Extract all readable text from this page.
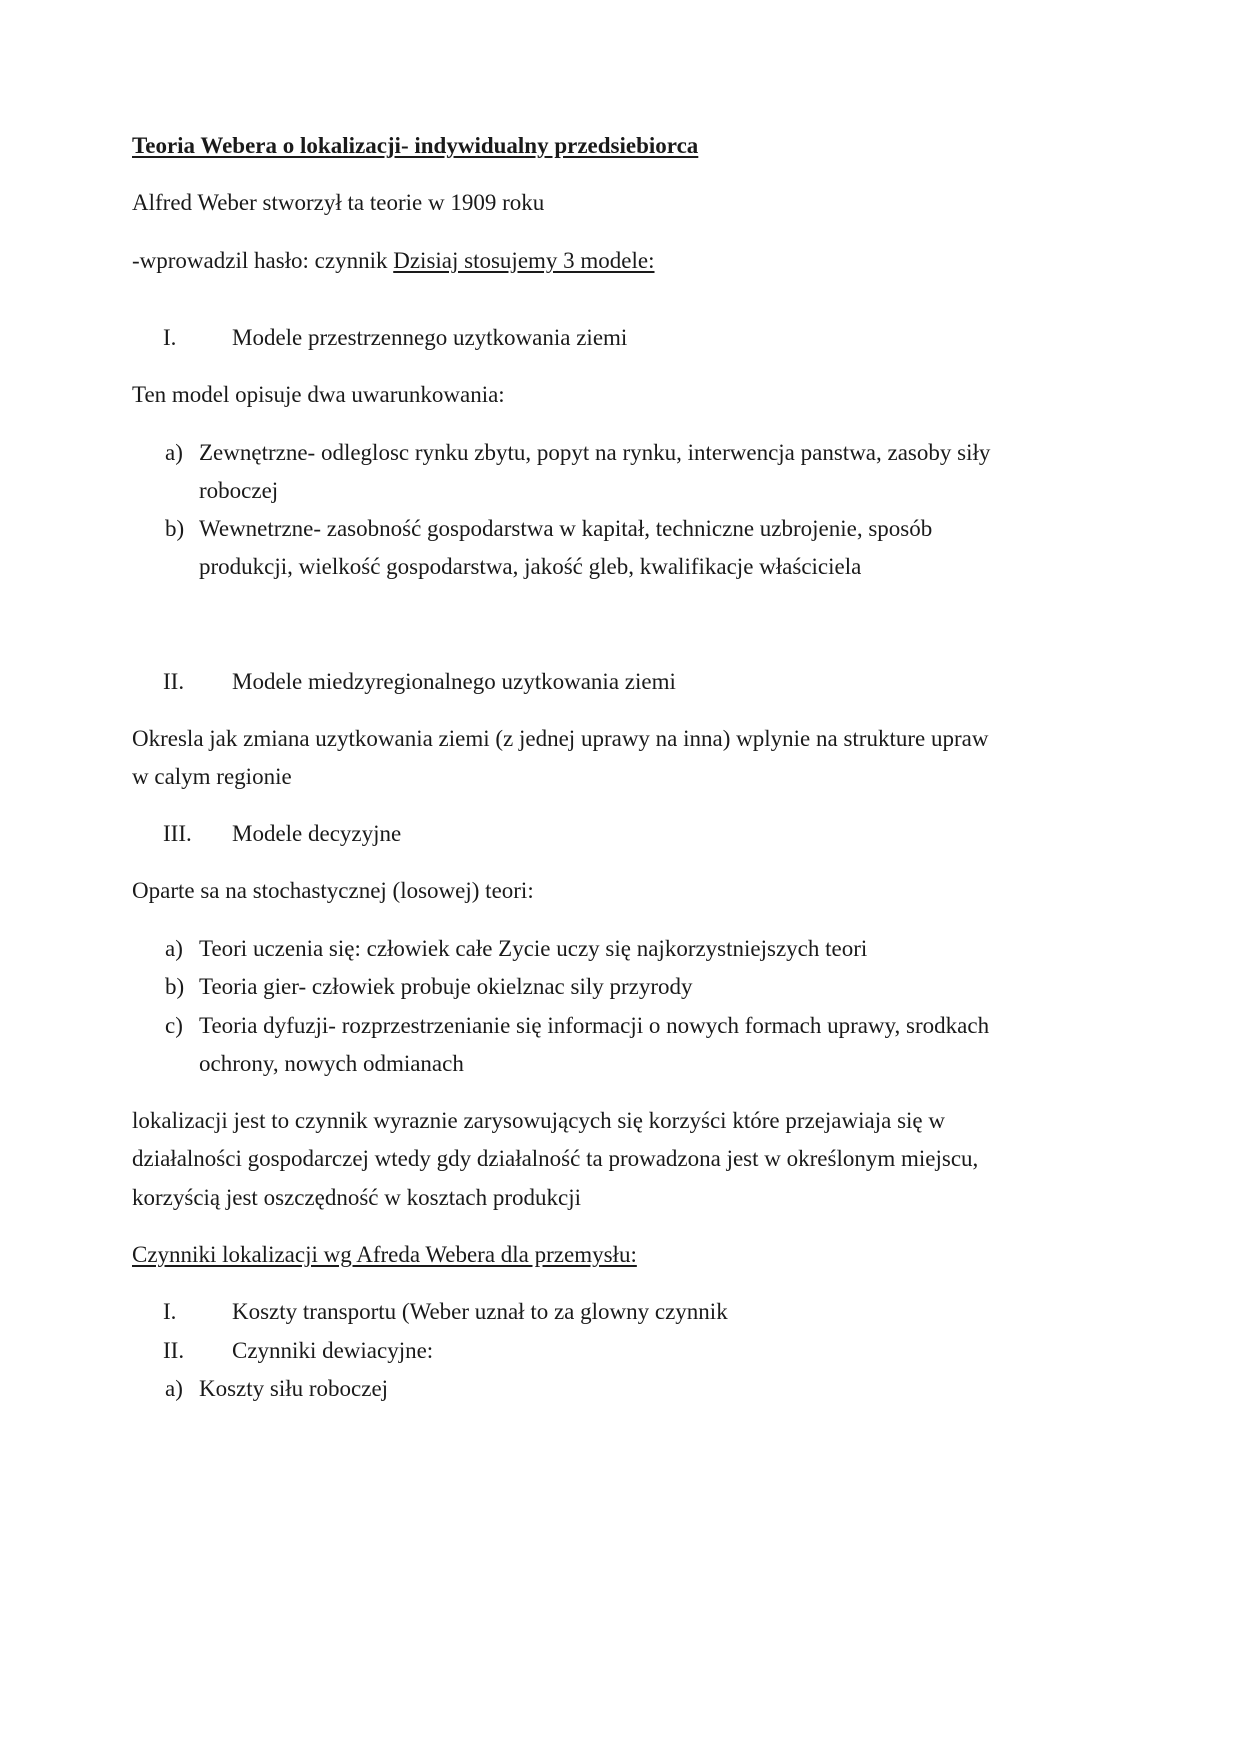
Teoria Webera o lokalizacji- indywidualny przedsiebiorca
Alfred Weber stworzył ta teorie w 1909 roku
-wprowadzil hasło: czynnik Dzisiaj stosujemy 3 modele:
I. Modele przestrzennego uzytkowania ziemi
Ten model opisuje dwa uwarunkowania:
a) Zewnętrzne- odleglosc rynku zbytu, popyt na rynku, interwencja panstwa, zasoby siły
roboczej
b) Wewnetrzne- zasobność gospodarstwa w kapitał, techniczne uzbrojenie, sposób
produkcji, wielkość gospodarstwa, jakość gleb, kwalifikacje właściciela
II. Modele miedzyregionalnego uzytkowania ziemi
Okresla jak zmiana uzytkowania ziemi (z jednej uprawy na inna) wplynie na strukture upraw
w calym regionie
III. Modele decyzyjne
Oparte sa na stochastycznej (losowej) teori:
a) Teori uczenia się: człowiek całe Zycie uczy się najkorzystniejszych teori
b) Teoria gier- człowiek probuje okielznac sily przyrody
c) Teoria dyfuzji- rozprzestrzenianie się informacji o nowych formach uprawy, srodkach
ochrony, nowych odmianach
lokalizacji jest to czynnik wyraznie zarysowujących się korzyści które przejawiaja się w
działalności gospodarczej wtedy gdy działalność ta prowadzona jest w określonym miejscu,
korzyścią jest oszczędność w kosztach produkcji
Czynniki lokalizacji wg Afreda Webera dla przemysłu:
I. Koszty transportu (Weber uznał to za glowny czynnik
II. Czynniki dewiacyjne:
a) Koszty siłu roboczej
